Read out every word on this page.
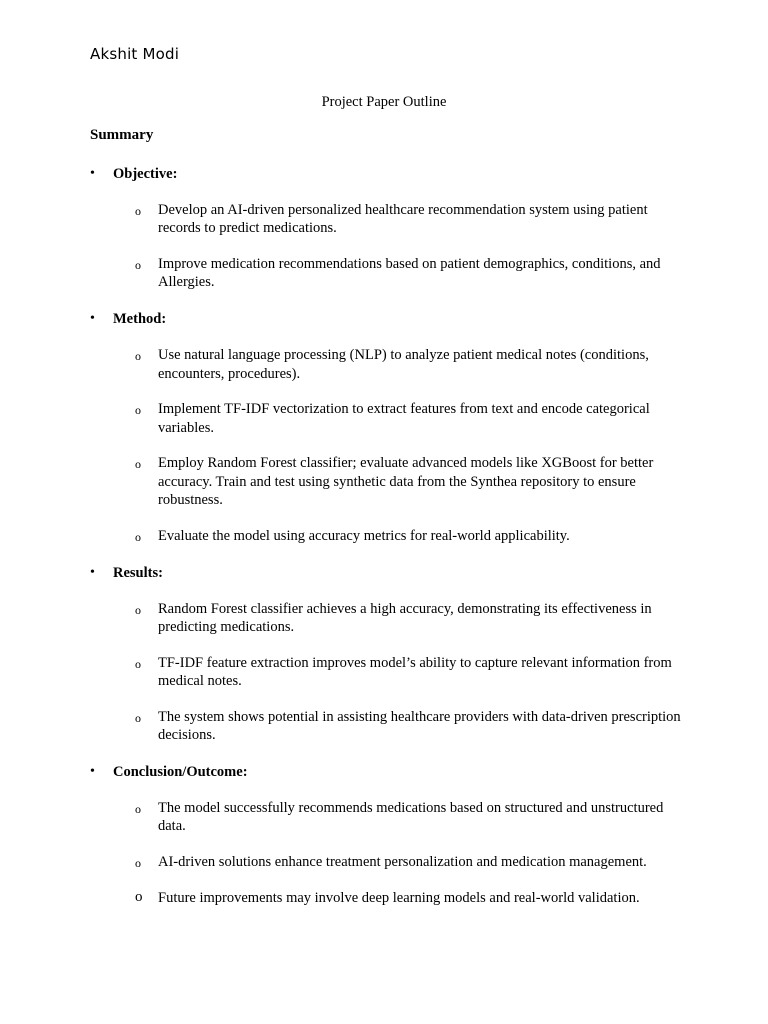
Akshit Modi
Project Paper Outline
Summary
• Objective:
o Develop an AI-driven personalized healthcare recommendation system using patient records to predict medications.
o Improve medication recommendations based on patient demographics, conditions, and Allergies.
• Method:
o Use natural language processing (NLP) to analyze patient medical notes (conditions, encounters, procedures).
o Implement TF-IDF vectorization to extract features from text and encode categorical variables.
o Employ Random Forest classifier; evaluate advanced models like XGBoost for better accuracy. Train and test using synthetic data from the Synthea repository to ensure robustness.
o Evaluate the model using accuracy metrics for real-world applicability.
• Results:
o Random Forest classifier achieves a high accuracy, demonstrating its effectiveness in predicting medications.
o TF-IDF feature extraction improves model’s ability to capture relevant information from medical notes.
o The system shows potential in assisting healthcare providers with data-driven prescription decisions.
• Conclusion/Outcome:
o The model successfully recommends medications based on structured and unstructured data.
o AI-driven solutions enhance treatment personalization and medication management.
o Future improvements may involve deep learning models and real-world validation.
